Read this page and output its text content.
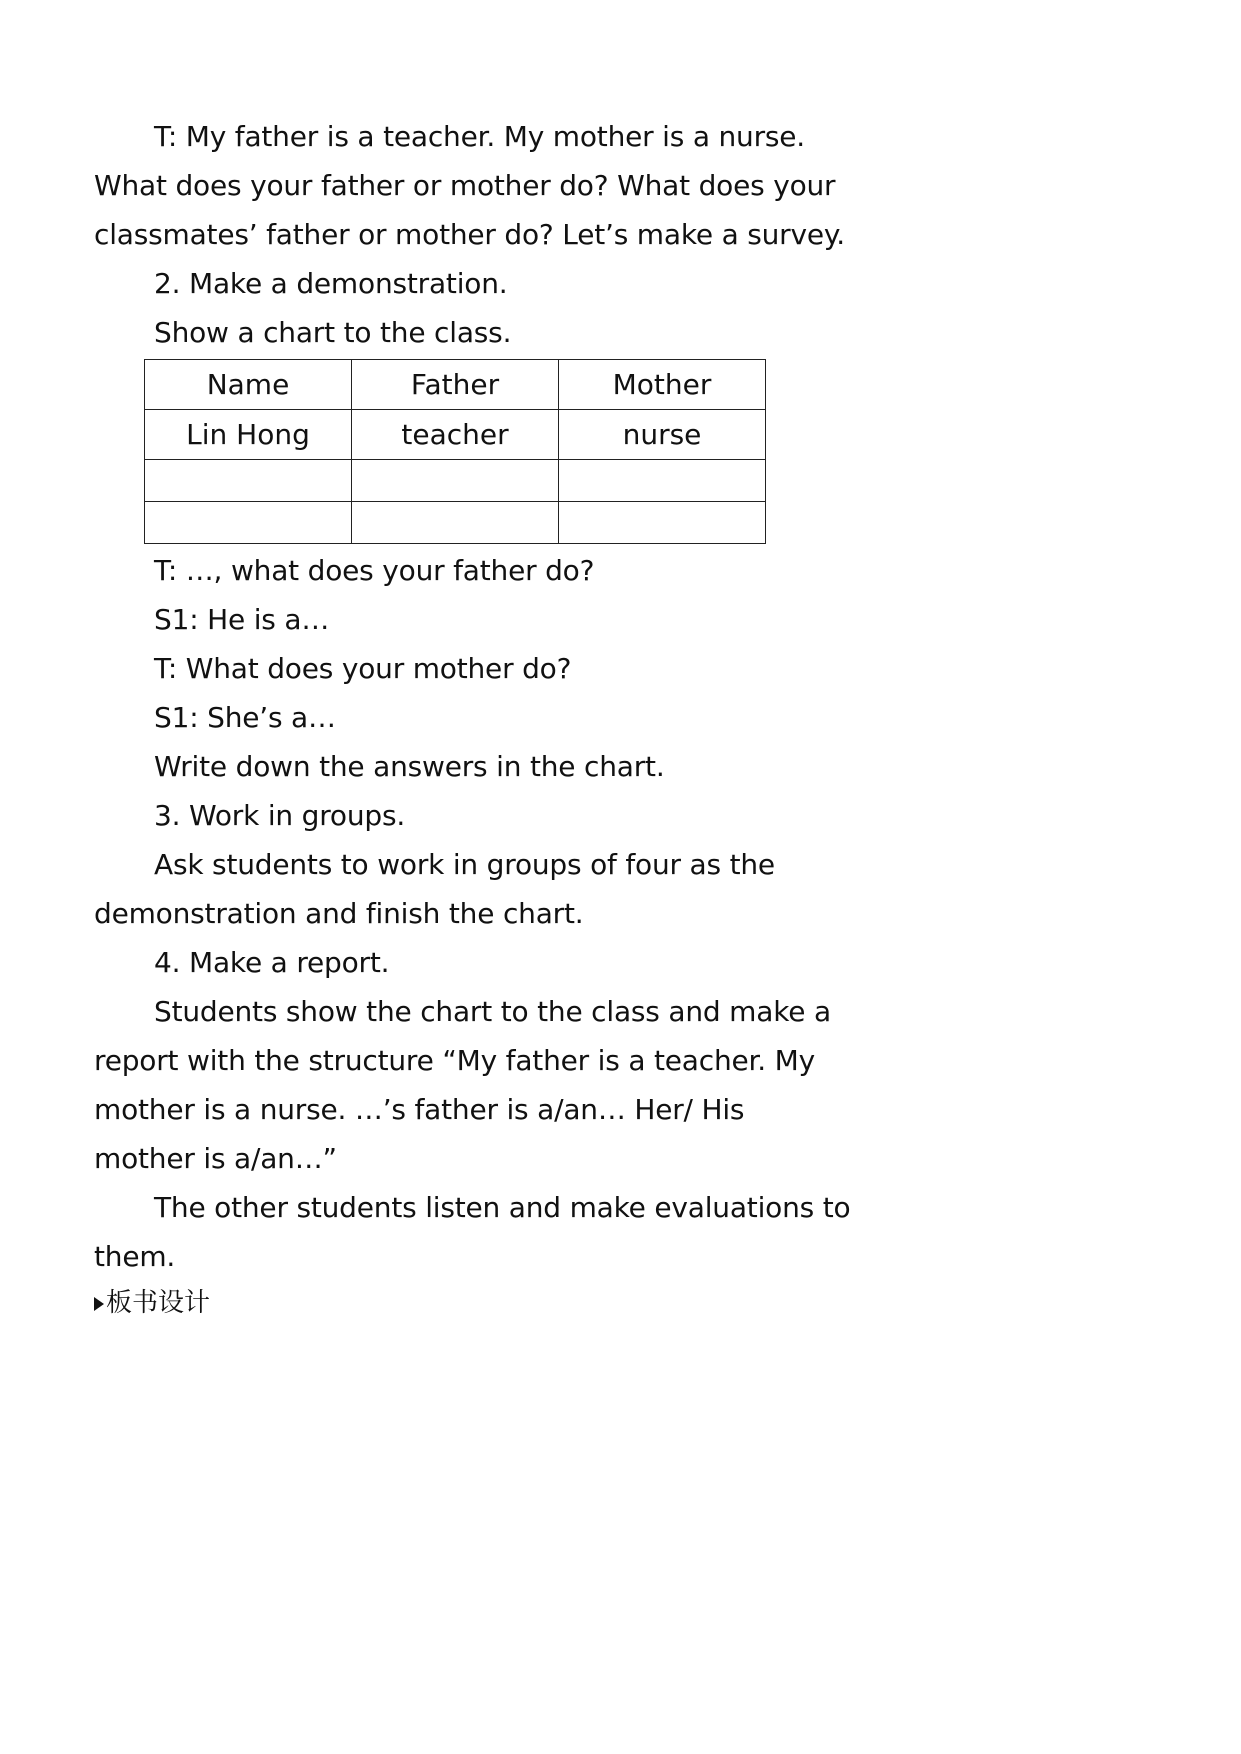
T: My father is a teacher. My mother is a nurse.
What does your father or mother do? What does your
classmates’ father or mother do? Let’s make a survey.
2. Make a demonstration.
Show a chart to the class.
Name	Father	Mother
Lin Hong	teacher	nurse

T: …, what does your father do?
S1: He is a…
T: What does your mother do?
S1: She’s a…
Write down the answers in the chart.
3. Work in groups.
Ask students to work in groups of four as the
demonstration and finish the chart.
4. Make a report.
Students show the chart to the class and make a
report with the structure “My father is a teacher. My
mother is a nurse. …’s father is a/an… Her/ His
mother is a/an…”
The other students listen and make evaluations to
them.
板书设计
